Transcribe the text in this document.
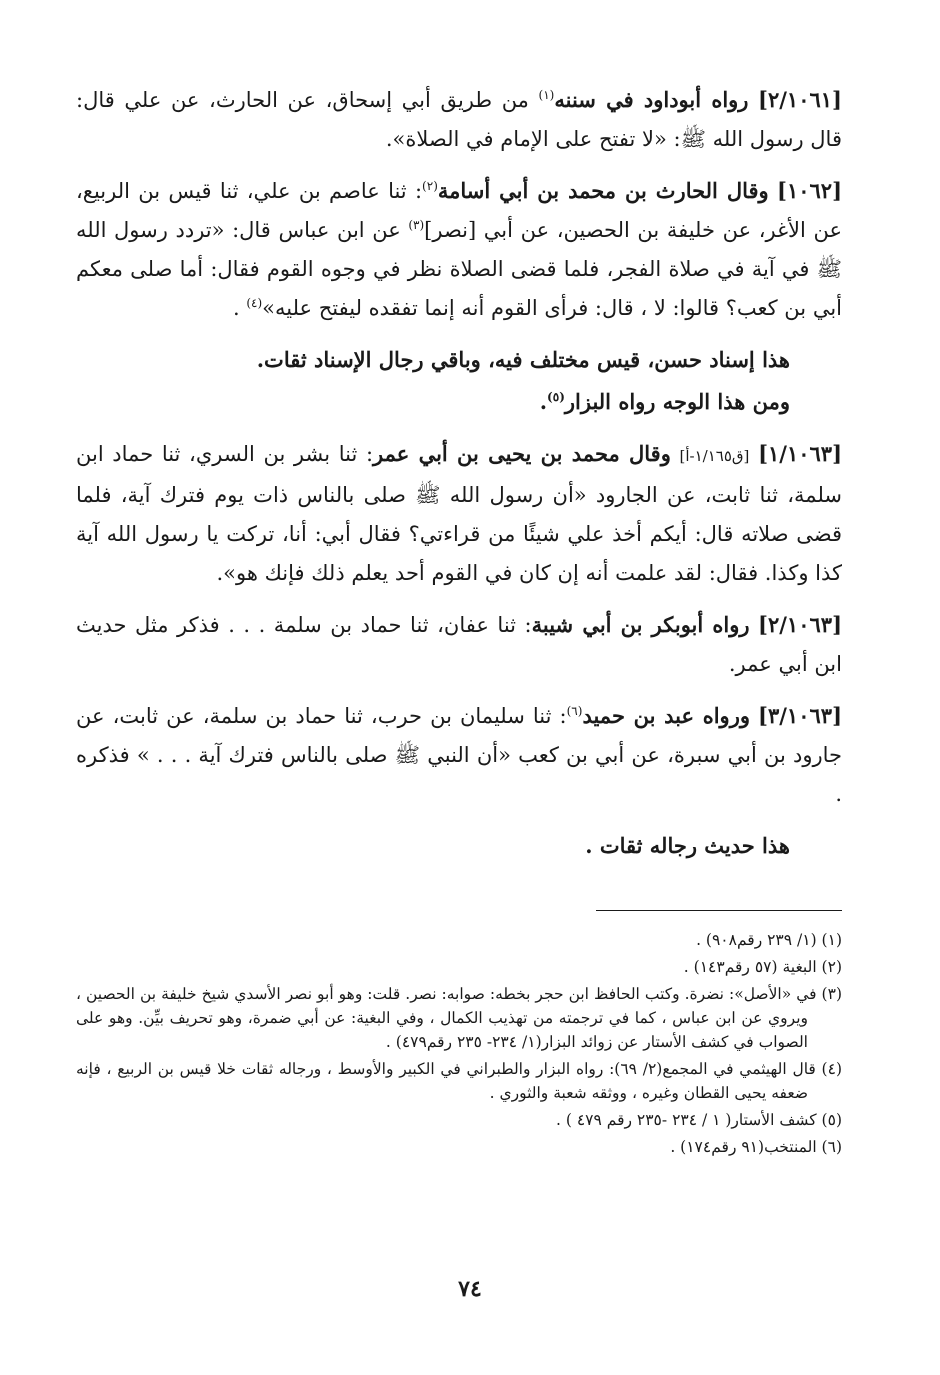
[٢/١٠٦١] رواه أبوداود في سننه$^{(١)}$ من طريق أبي إسحاق، عن الحارث، عن علي قال: قال رسول الله ﷺ: «لا تفتح على الإمام في الصلاة».

[١٠٦٢] وقال الحارث بن محمد بن أبي أسامة$^{(٢)}$: ثنا عاصم بن علي، ثنا قيس بن الربيع، عن الأغر، عن خليفة بن الحصين، عن أبي [نصر]$^{(٣)}$ عن ابن عباس قال: «تردد رسول الله ﷺ في آية في صلاة الفجر، فلما قضى الصلاة نظر في وجوه القوم فقال: أما صلى معكم أبي بن كعب؟ قالوا: لا ، قال: فرأى القوم أنه إنما تفقده ليفتح عليه»$^{(٤)}$ .

هذا إسناد حسن، قيس مختلف فيه، وباقي رجال الإسناد ثقات.

ومن هذا الوجه رواه البزار$^{(٥)}$.

[١/١٠٦٣] [ق١/١٦٥-أ] وقال محمد بن يحيى بن أبي عمر: ثنا بشر بن السري، ثنا حماد ابن سلمة، ثنا ثابت، عن الجارود «أن رسول الله ﷺ صلى بالناس ذات يوم فترك آية، فلما قضى صلاته قال: أيكم أخذ علي شيئًا من قراءتي؟ فقال أبي: أنا، تركت يا رسول الله آية كذا وكذا. فقال: لقد علمت أنه إن كان في القوم أحد يعلم ذلك فإنك هو».

[٢/١٠٦٣] رواه أبوبكر بن أبي شيبة: ثنا عفان، ثنا حماد بن سلمة . . . فذكر مثل حديث ابن أبي عمر.

[٣/١٠٦٣] ورواه عبد بن حميد$^{(٦)}$: ثنا سليمان بن حرب، ثنا حماد بن سلمة، عن ثابت، عن جارود بن أبي سبرة، عن أبي بن كعب «أن النبي ﷺ صلى بالناس فترك آية . . . » فذكره .

هذا حديث رجاله ثقات .

(١) (١/ ٢٣٩ رقم٩٠٨) .

(٢) البغية (٥٧ رقم١٤٣) .

(٣) في «الأصل»: نضرة. وكتب الحافظ ابن حجر بخطه: صوابه: نصر. قلت: وهو أبو نصر الأسدي شيخ خليفة بن الحصين ، ويروي عن ابن عباس ، كما في ترجمته من تهذيب الكمال ، وفي البغية: عن أبي ضمرة، وهو تحريف بيِّن. وهو على الصواب في كشف الأستار عن زوائد البزار(١/ ٢٣٤- ٢٣٥ رقم٤٧٩) .

(٤) قال الهيثمي في المجمع(٢/ ٦٩): رواه البزار والطبراني في الكبير والأوسط ، ورجاله ثقات خلا قيس بن الربيع ، فإنه ضعفه يحيى القطان وغيره ، ووثقه شعبة والثوري .

(٥) كشف الأستار( ١ / ٢٣٤ -٢٣٥ رقم ٤٧٩ ) .

(٦) المنتخب(٩١ رقم١٧٤) .

٧٤
